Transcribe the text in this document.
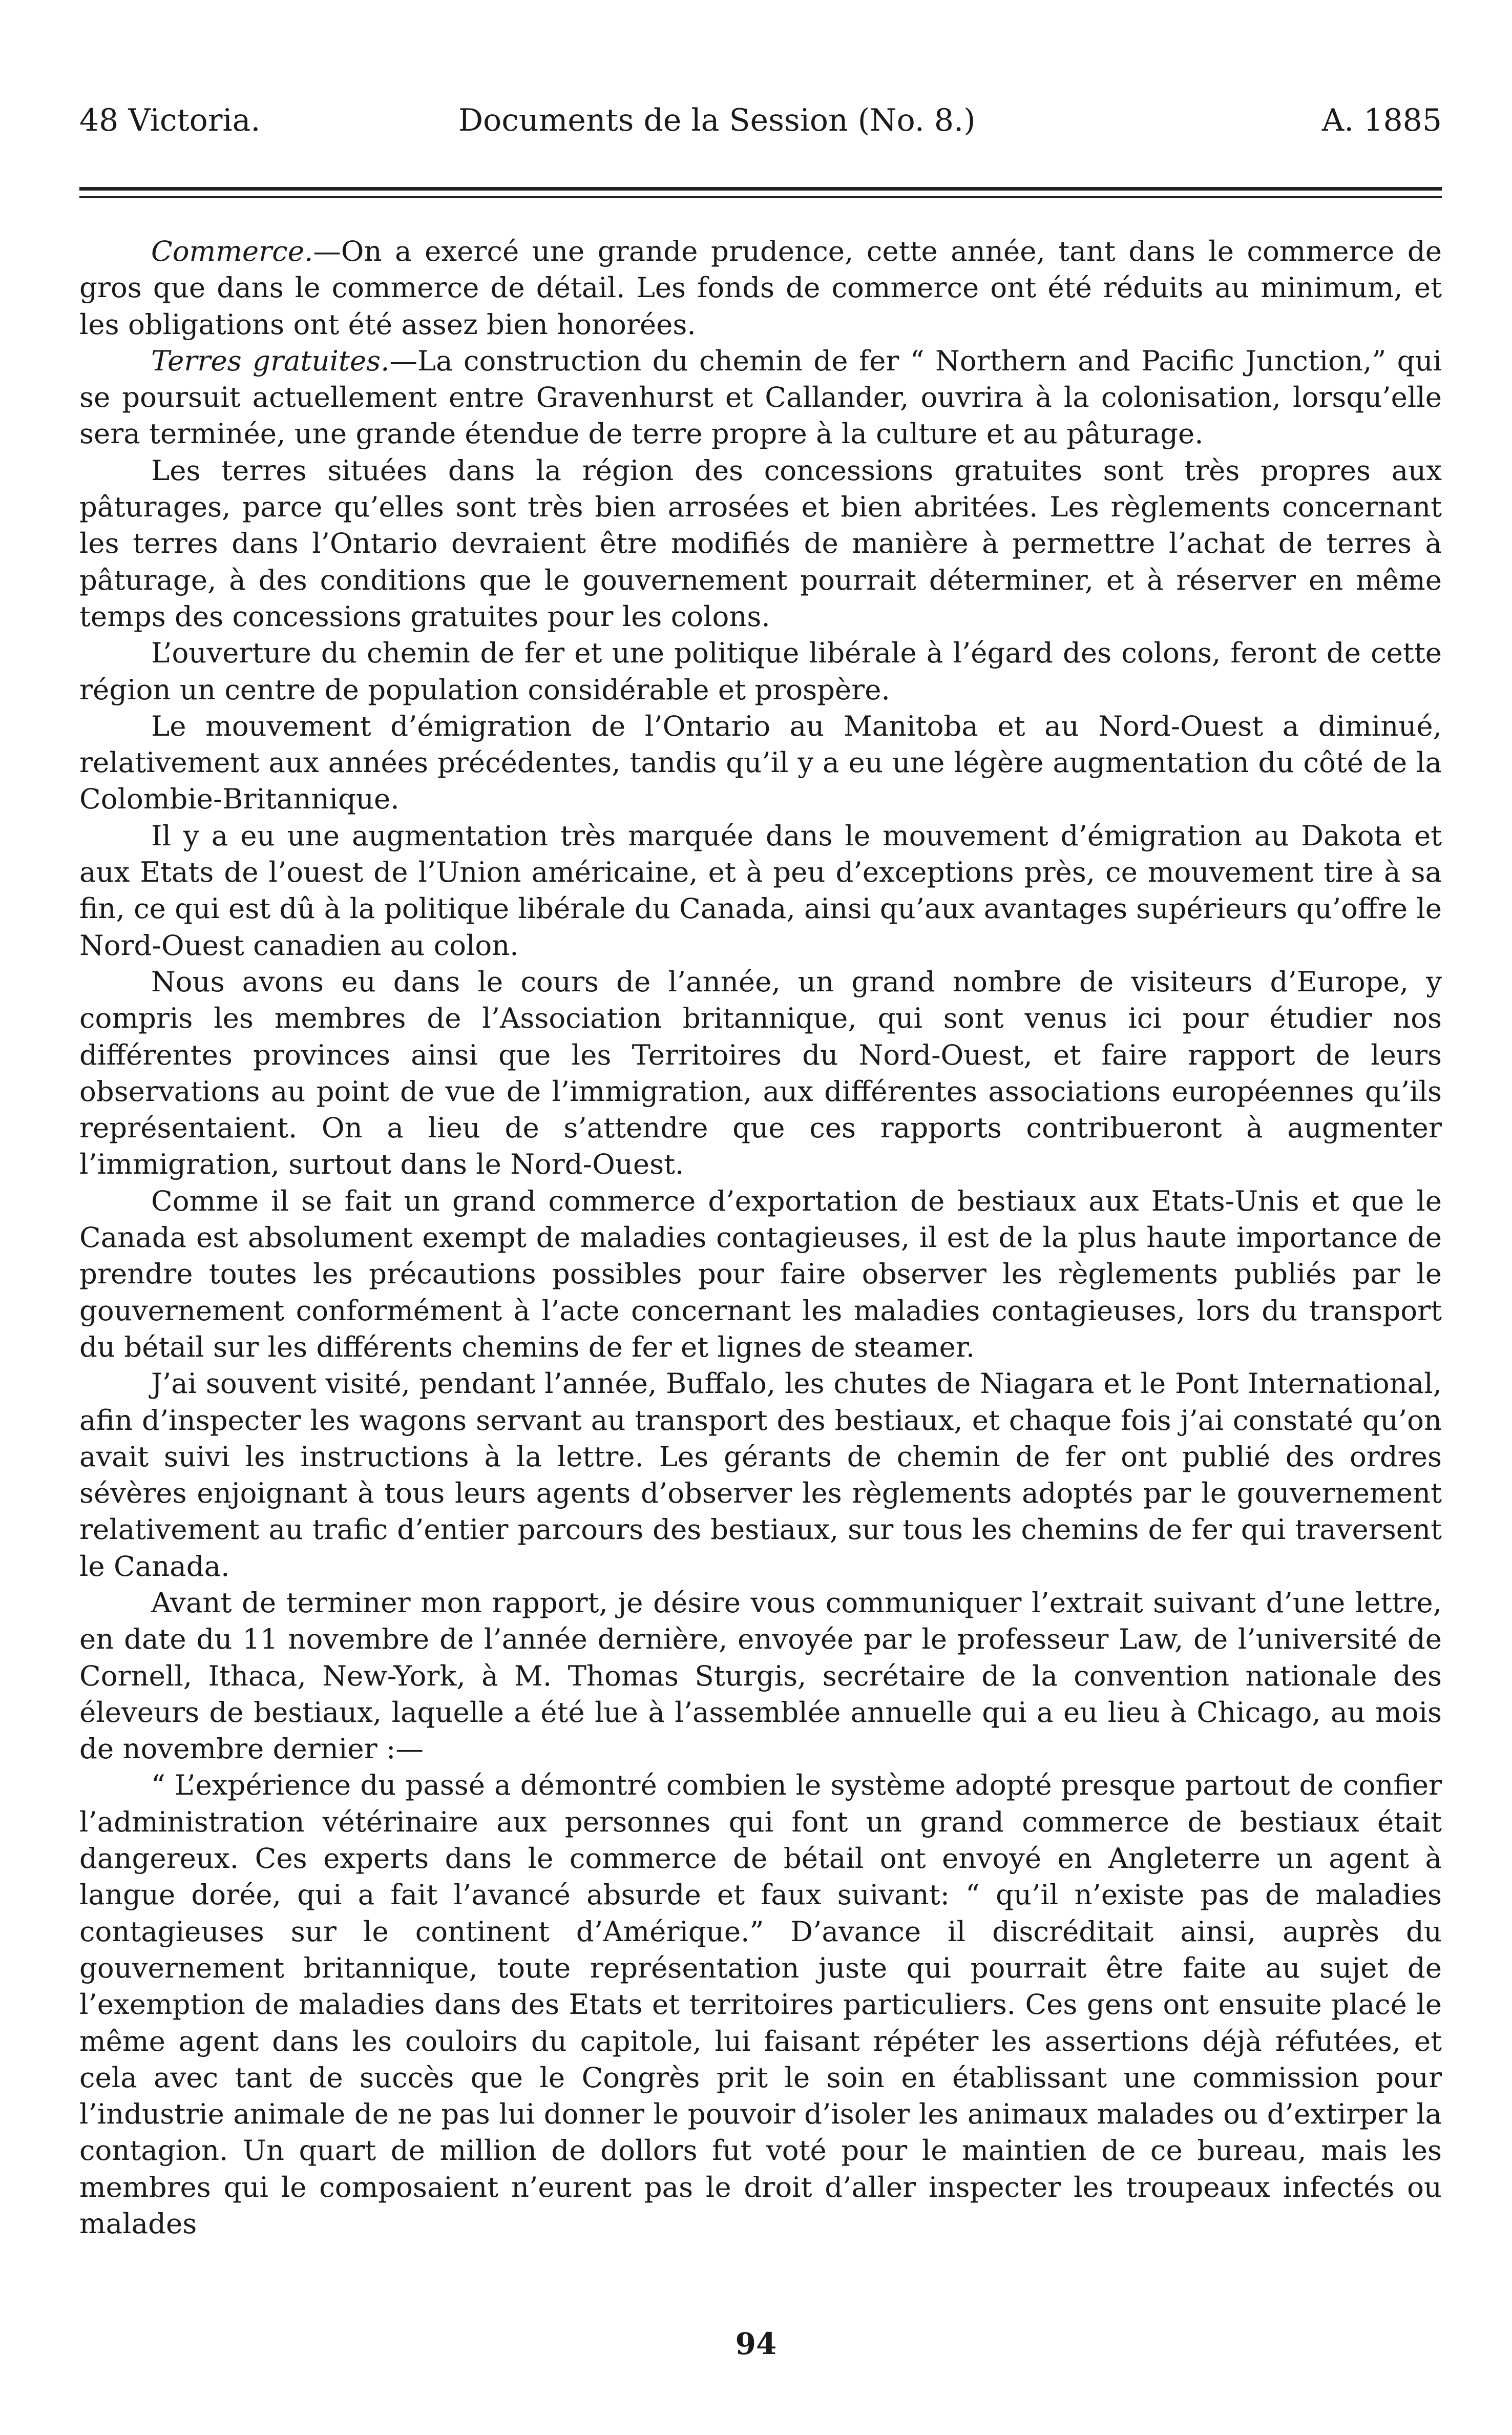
48 Victoria.	Documents de la Session (No. 8.)	A. 1885

Commerce.—On a exercé une grande prudence, cette année, tant dans le commerce de gros que dans le commerce de détail. Les fonds de commerce ont été réduits au minimum, et les obligations ont été assez bien honorées.

Terres gratuites.—La construction du chemin de fer “ Northern and Pacific Junction,” qui se poursuit actuellement entre Gravenhurst et Callander, ouvrira à la colonisation, lorsqu’elle sera terminée, une grande étendue de terre propre à la culture et au pâturage.

Les terres situées dans la région des concessions gratuites sont très propres aux pâturages, parce qu’elles sont très bien arrosées et bien abritées. Les règlements concernant les terres dans l’Ontario devraient être modifiés de manière à permettre l’achat de terres à pâturage, à des conditions que le gouvernement pourrait déterminer, et à réserver en même temps des concessions gratuites pour les colons.

L’ouverture du chemin de fer et une politique libérale à l’égard des colons, feront de cette région un centre de population considérable et prospère.

Le mouvement d’émigration de l’Ontario au Manitoba et au Nord-Ouest a diminué, relativement aux années précédentes, tandis qu’il y a eu une légère augmentation du côté de la Colombie-Britannique.

Il y a eu une augmentation très marquée dans le mouvement d’émigration au Dakota et aux Etats de l’ouest de l’Union américaine, et à peu d’exceptions près, ce mouvement tire à sa fin, ce qui est dû à la politique libérale du Canada, ainsi qu’aux avantages supérieurs qu’offre le Nord-Ouest canadien au colon.

Nous avons eu dans le cours de l’année, un grand nombre de visiteurs d’Europe, y compris les membres de l’Association britannique, qui sont venus ici pour étudier nos différentes provinces ainsi que les Territoires du Nord-Ouest, et faire rapport de leurs observations au point de vue de l’immigration, aux différentes associations européennes qu’ils représentaient. On a lieu de s’attendre que ces rapports contribueront à augmenter l’immigration, surtout dans le Nord-Ouest.

Comme il se fait un grand commerce d’exportation de bestiaux aux Etats-Unis et que le Canada est absolument exempt de maladies contagieuses, il est de la plus haute importance de prendre toutes les précautions possibles pour faire observer les règlements publiés par le gouvernement conformément à l’acte concernant les maladies contagieuses, lors du transport du bétail sur les différents chemins de fer et lignes de steamer.

J’ai souvent visité, pendant l’année, Buffalo, les chutes de Niagara et le Pont International, afin d’inspecter les wagons servant au transport des bestiaux, et chaque fois j’ai constaté qu’on avait suivi les instructions à la lettre. Les gérants de chemin de fer ont publié des ordres sévères enjoignant à tous leurs agents d’observer les règlements adoptés par le gouvernement relativement au trafic d’entier parcours des bestiaux, sur tous les chemins de fer qui traversent le Canada.

Avant de terminer mon rapport, je désire vous communiquer l’extrait suivant d’une lettre, en date du 11 novembre de l’année dernière, envoyée par le professeur Law, de l’université de Cornell, Ithaca, New-York, à M. Thomas Sturgis, secrétaire de la convention nationale des éleveurs de bestiaux, laquelle a été lue à l’assemblée annuelle qui a eu lieu à Chicago, au mois de novembre dernier :—

“ L’expérience du passé a démontré combien le système adopté presque partout de confier l’administration vétérinaire aux personnes qui font un grand commerce de bestiaux était dangereux. Ces experts dans le commerce de bétail ont envoyé en Angleterre un agent à langue dorée, qui a fait l’avancé absurde et faux suivant: “ qu’il n’existe pas de maladies contagieuses sur le continent d’Amérique.” D’avance il discréditait ainsi, auprès du gouvernement britannique, toute représentation juste qui pourrait être faite au sujet de l’exemption de maladies dans des Etats et territoires particuliers. Ces gens ont ensuite placé le même agent dans les couloirs du capitole, lui faisant répéter les assertions déjà réfutées, et cela avec tant de succès que le Congrès prit le soin en établissant une commission pour l’industrie animale de ne pas lui donner le pouvoir d’isoler les animaux malades ou d’extirper la contagion. Un quart de million de dollors fut voté pour le maintien de ce bureau, mais les membres qui le composaient n’eurent pas le droit d’aller inspecter les troupeaux infectés ou malades

94
